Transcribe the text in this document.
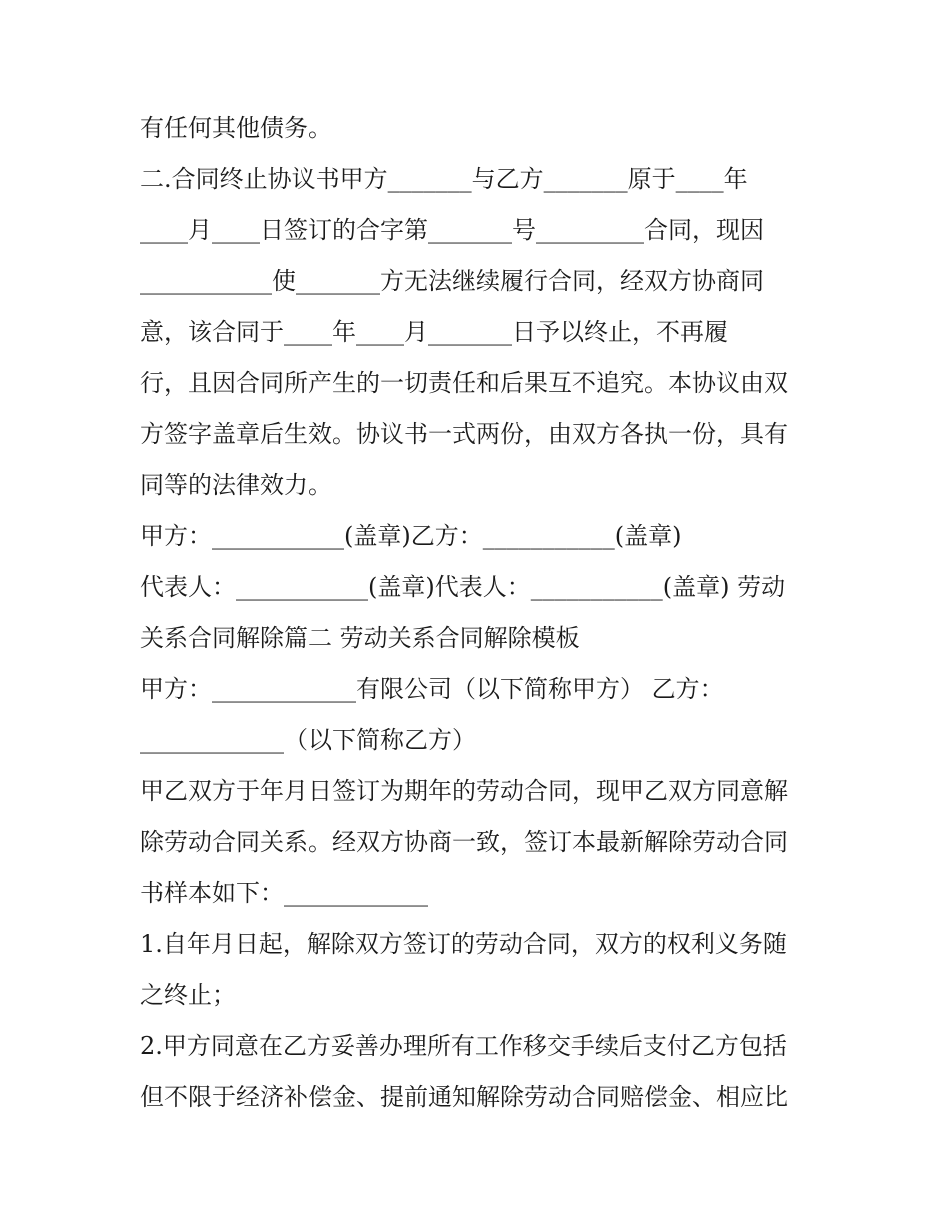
有任何其他债务。
二.合同终止协议书甲方_______与乙方_______原于____年
____月____日签订的合字第_______号_________合同，现因
___________使_______方无法继续履行合同，经双方协商同
意，该合同于____年____月_______日予以终止，不再履
行，且因合同所产生的一切责任和后果互不追究。本协议由双
方签字盖章后生效。协议书一式两份，由双方各执一份，具有
同等的法律效力。
甲方：___________(盖章)乙方：___________(盖章)
代表人：___________(盖章)代表人：___________(盖章) 劳动
关系合同解除篇二 劳动关系合同解除模板
甲方：____________有限公司（以下简称甲方） 乙方：
____________（以下简称乙方）
甲乙双方于年月日签订为期年的劳动合同，现甲乙双方同意解
除劳动合同关系。经双方协商一致，签订本最新解除劳动合同
书样本如下：____________
1.自年月日起，解除双方签订的劳动合同，双方的权利义务随
之终止；
2.甲方同意在乙方妥善办理所有工作移交手续后支付乙方包括
但不限于经济补偿金、提前通知解除劳动合同赔偿金、相应比
